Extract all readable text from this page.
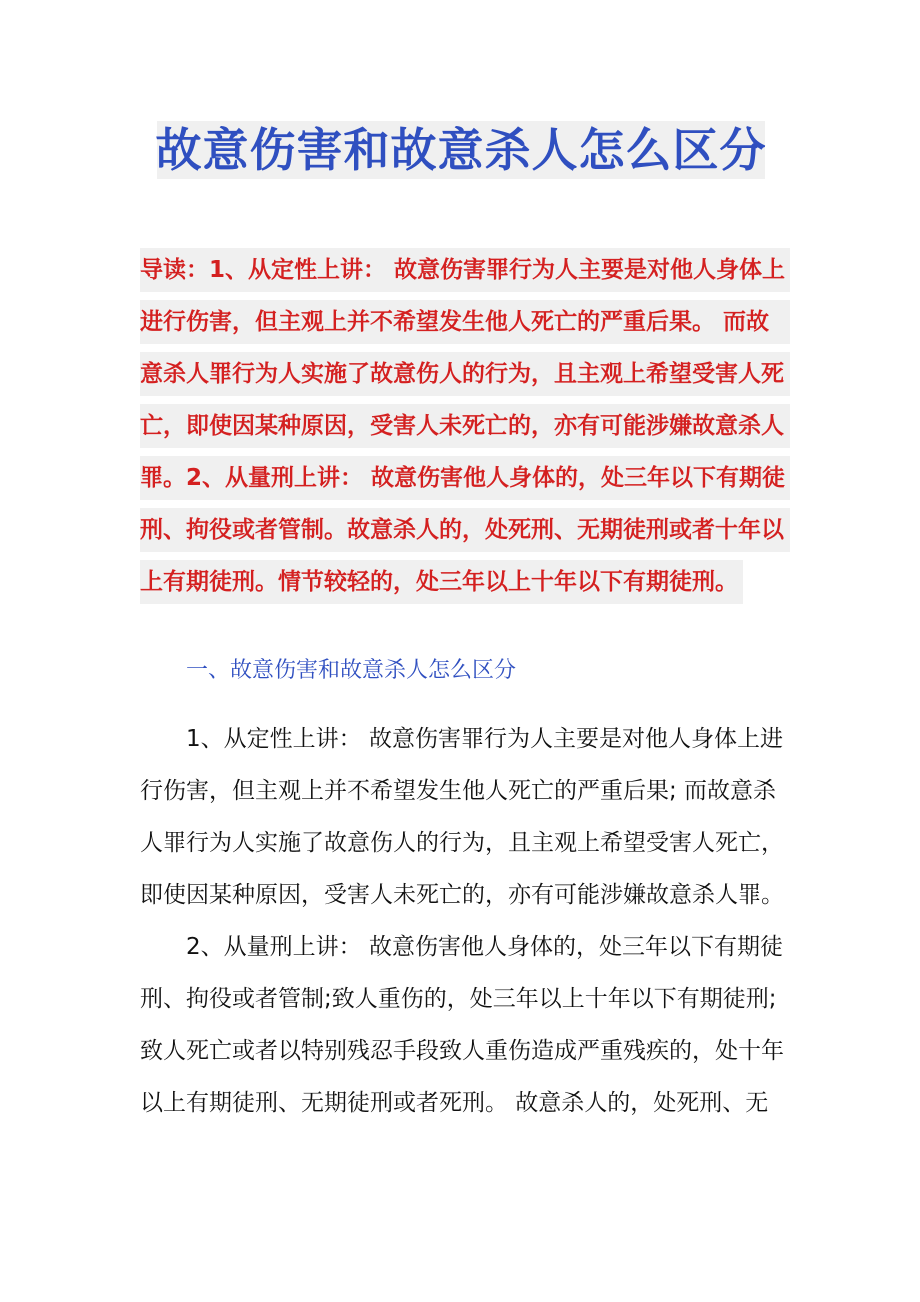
故意伤害和故意杀人怎么区分
导读：1、从定性上讲： 故意伤害罪行为人主要是对他人身体上
进行伤害，但主观上并不希望发生他人死亡的严重后果。 而故
意杀人罪行为人实施了故意伤人的行为，且主观上希望受害人死
亡，即使因某种原因，受害人未死亡的，亦有可能涉嫌故意杀人
罪。2、从量刑上讲： 故意伤害他人身体的，处三年以下有期徒
刑、拘役或者管制。故意杀人的，处死刑、无期徒刑或者十年以
上有期徒刑。情节较轻的，处三年以上十年以下有期徒刑。
一、故意伤害和故意杀人怎么区分
1、从定性上讲： 故意伤害罪行为人主要是对他人身体上进
行伤害，但主观上并不希望发生他人死亡的严重后果; 而故意杀
人罪行为人实施了故意伤人的行为，且主观上希望受害人死亡，
即使因某种原因，受害人未死亡的，亦有可能涉嫌故意杀人罪。
2、从量刑上讲： 故意伤害他人身体的，处三年以下有期徒
刑、拘役或者管制;致人重伤的，处三年以上十年以下有期徒刑;
致人死亡或者以特别残忍手段致人重伤造成严重残疾的，处十年
以上有期徒刑、无期徒刑或者死刑。 故意杀人的，处死刑、无
